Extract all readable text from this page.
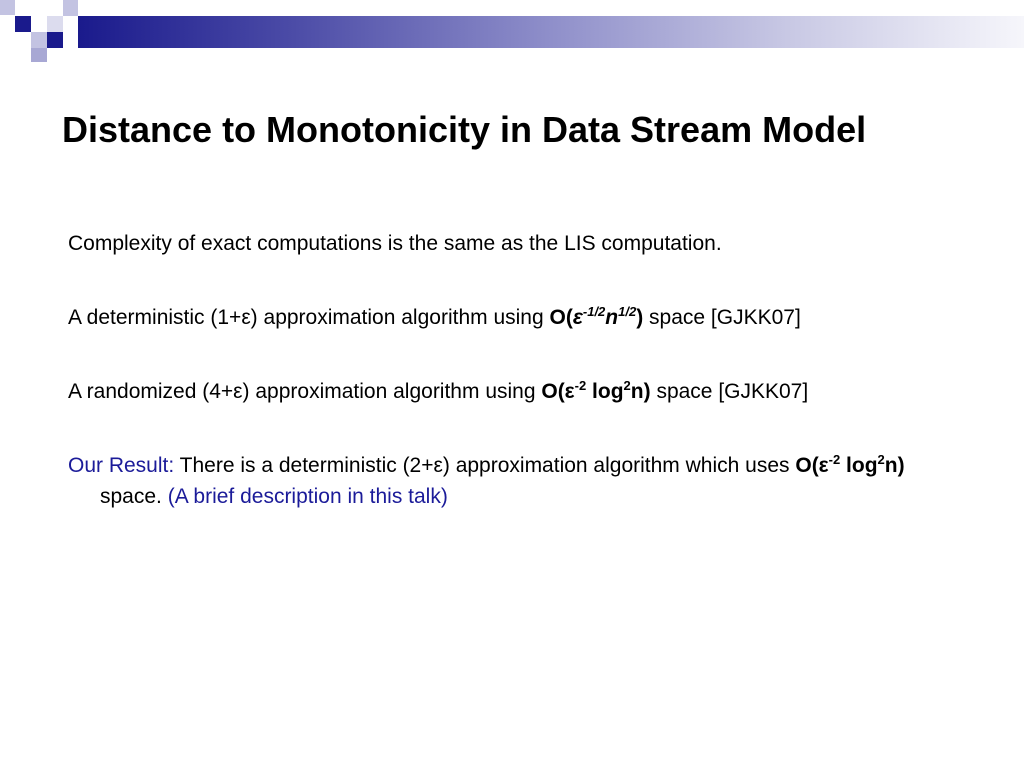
Distance to Monotonicity in Data Stream Model
Complexity of exact computations is the same as the LIS computation.
A deterministic (1+ε) approximation algorithm using $O(\varepsilon^{-1/2}n^{1/2})$ space [GJKK07]
A randomized (4+ε) approximation algorithm using $O(\varepsilon^{-2}$ $\log^2n$) space [GJKK07]
Our Result: There is a deterministic (2+ε) approximation algorithm which uses $O(\varepsilon^{-2}$ $\log^2n$) space. (A brief description in this talk)
